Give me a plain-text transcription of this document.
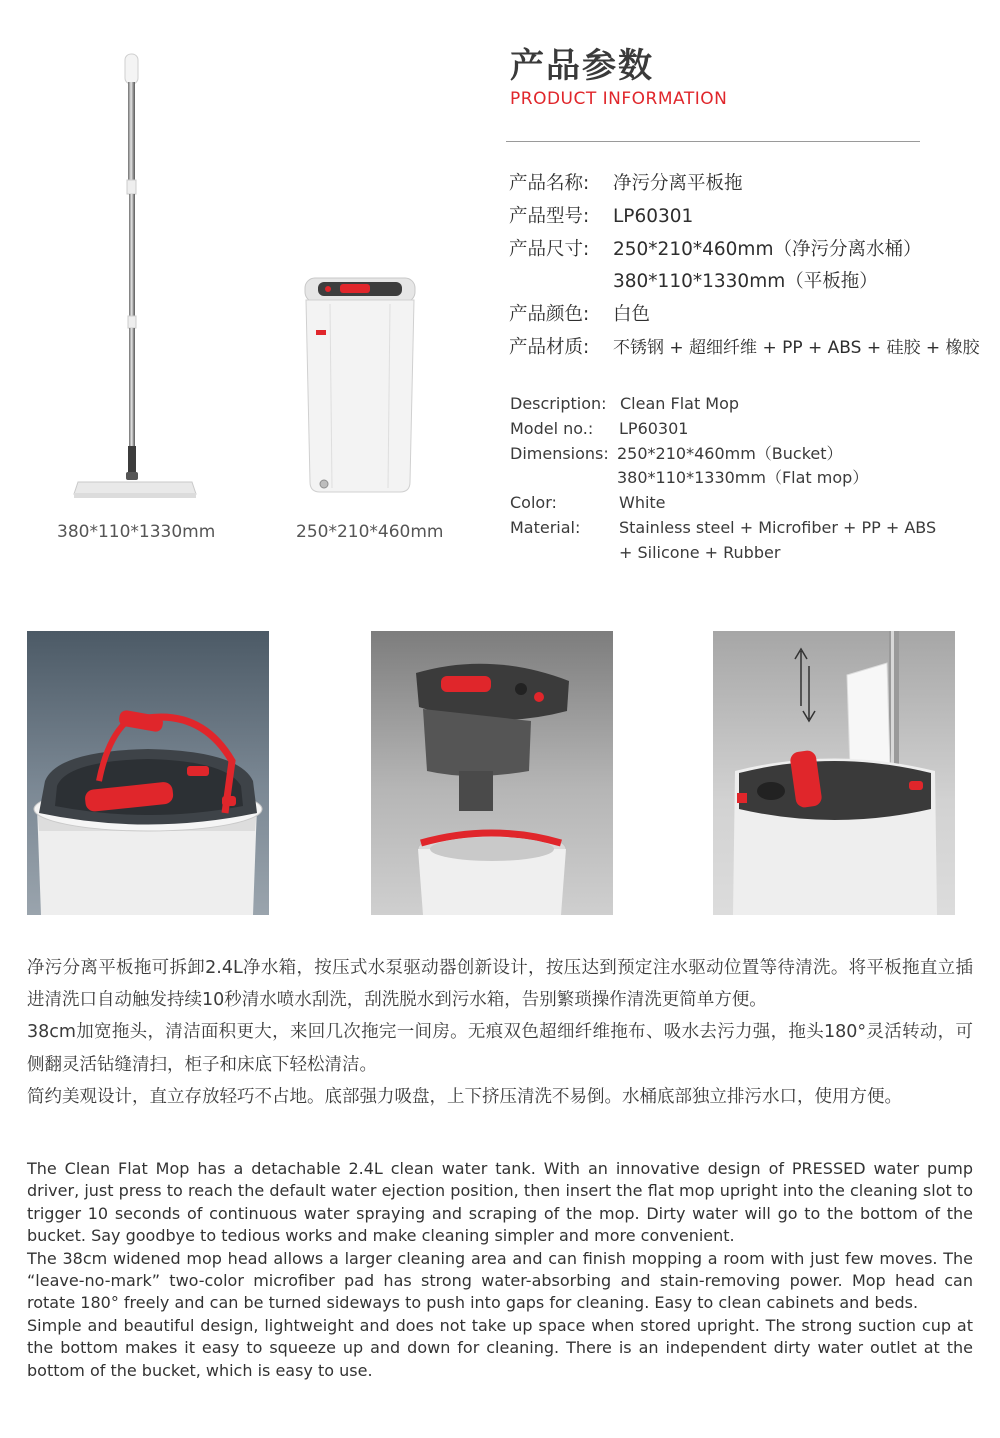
产品参数
PRODUCT INFORMATION
380*110*1330mm	250*210*460mm
产品名称:	净污分离平板拖
产品型号:	LP60301
产品尺寸:	250*210*460mm（净污分离水桶）
380*110*1330mm（平板拖）
产品颜色:	白色
产品材质:	不锈钢 + 超细纤维 + PP + ABS + 硅胶 + 橡胶
Description: Clean Flat Mop
Model no.:	LP60301
Dimensions: 250*210*460mm（Bucket）
380*110*1330mm（Flat mop）
Color:	White
Material:	Stainless steel + Microfiber + PP + ABS
+ Silicone + Rubber

净污分离平板拖可拆卸2.4L净水箱，按压式水泵驱动器创新设计，按压达到预定注水驱动位置等待清洗。将平板拖直立插进清洗口自动触发持续10秒清水喷水刮洗，刮洗脱水到污水箱，告别繁琐操作清洗更简单方便。

38cm加宽拖头，清洁面积更大，来回几次拖完一间房。无痕双色超细纤维拖布、吸水去污力强，拖头180°灵活转动，可侧翻灵活钻缝清扫，柜子和床底下轻松清洁。

简约美观设计，直立存放轻巧不占地。底部强力吸盘，上下挤压清洗不易倒。水桶底部独立排污水口，使用方便。

The Clean Flat Mop has a detachable 2.4L clean water tank. With an innovative design of PRESSED water pump driver, just press to reach the default water ejection position, then insert the flat mop upright into the cleaning slot to trigger 10 seconds of continuous water spraying and scraping of the mop. Dirty water will go to the bottom of the bucket. Say goodbye to tedious works and make cleaning simpler and more convenient.

The 38cm widened mop head allows a larger cleaning area and can finish mopping a room with just few moves. The “leave-no-mark” two-color microfiber pad has strong water-absorbing and stain-removing power. Mop head can rotate 180° freely and can be turned sideways to push into gaps for cleaning. Easy to clean cabinets and beds.

Simple and beautiful design, lightweight and does not take up space when stored upright. The strong suction cup at the bottom makes it easy to squeeze up and down for cleaning. There is an independent dirty water outlet at the bottom of the bucket, which is easy to use.
